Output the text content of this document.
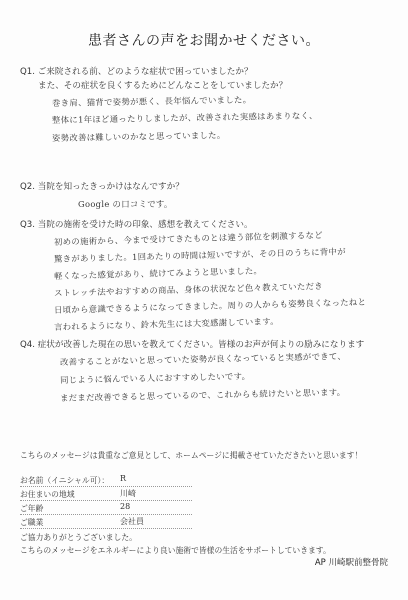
患者さんの声をお聞かせください。
Q1. ご来院される前、どのような症状で困っていましたか？
また、その症状を良くするためにどんなことをしていましたか？
巻き肩、猫背で姿勢が悪く、長年悩んでいました。
整体に1年ほど通ったりしましたが、改善された実感はあまりなく、
姿勢改善は難しいのかなと思っていました。
Q2. 当院を知ったきっかけはなんですか？
Google の口コミです。
Q3. 当院の施術を受けた時の印象、感想を教えてください。
初めの施術から、今まで受けてきたものとは違う部位を刺激するなど
驚きがありました。1回あたりの時間は短いですが、その日のうちに背中が
軽くなった感覚があり、続けてみようと思いました。
ストレッチ法やおすすめの商品、身体の状況など色々教えていただき
日頃から意識できるようになってきました。周りの人からも姿勢良くなったねと
言われるようになり、鈴木先生には大変感謝しています。
Q4. 症状が改善した現在の思いを教えてください。皆様のお声が何よりの励みになります
改善することがないと思っていた姿勢が良くなっていると実感ができて、
同じように悩んでいる人におすすめしたいです。
まだまだ改善できると思っているので、これからも続けたいと思います。
こちらのメッセージは貴重なご意見として、ホームページに掲載させていただきたいと思います！
お名前（イニシャル可）： R
お住まいの地域	川崎
ご年齢	28
ご職業	会社員
ご協力ありがとうございました。
こちらのメッセージをエネルギーにより良い施術で皆様の生活をサポートしていきます。
AP 川崎駅前整骨院
